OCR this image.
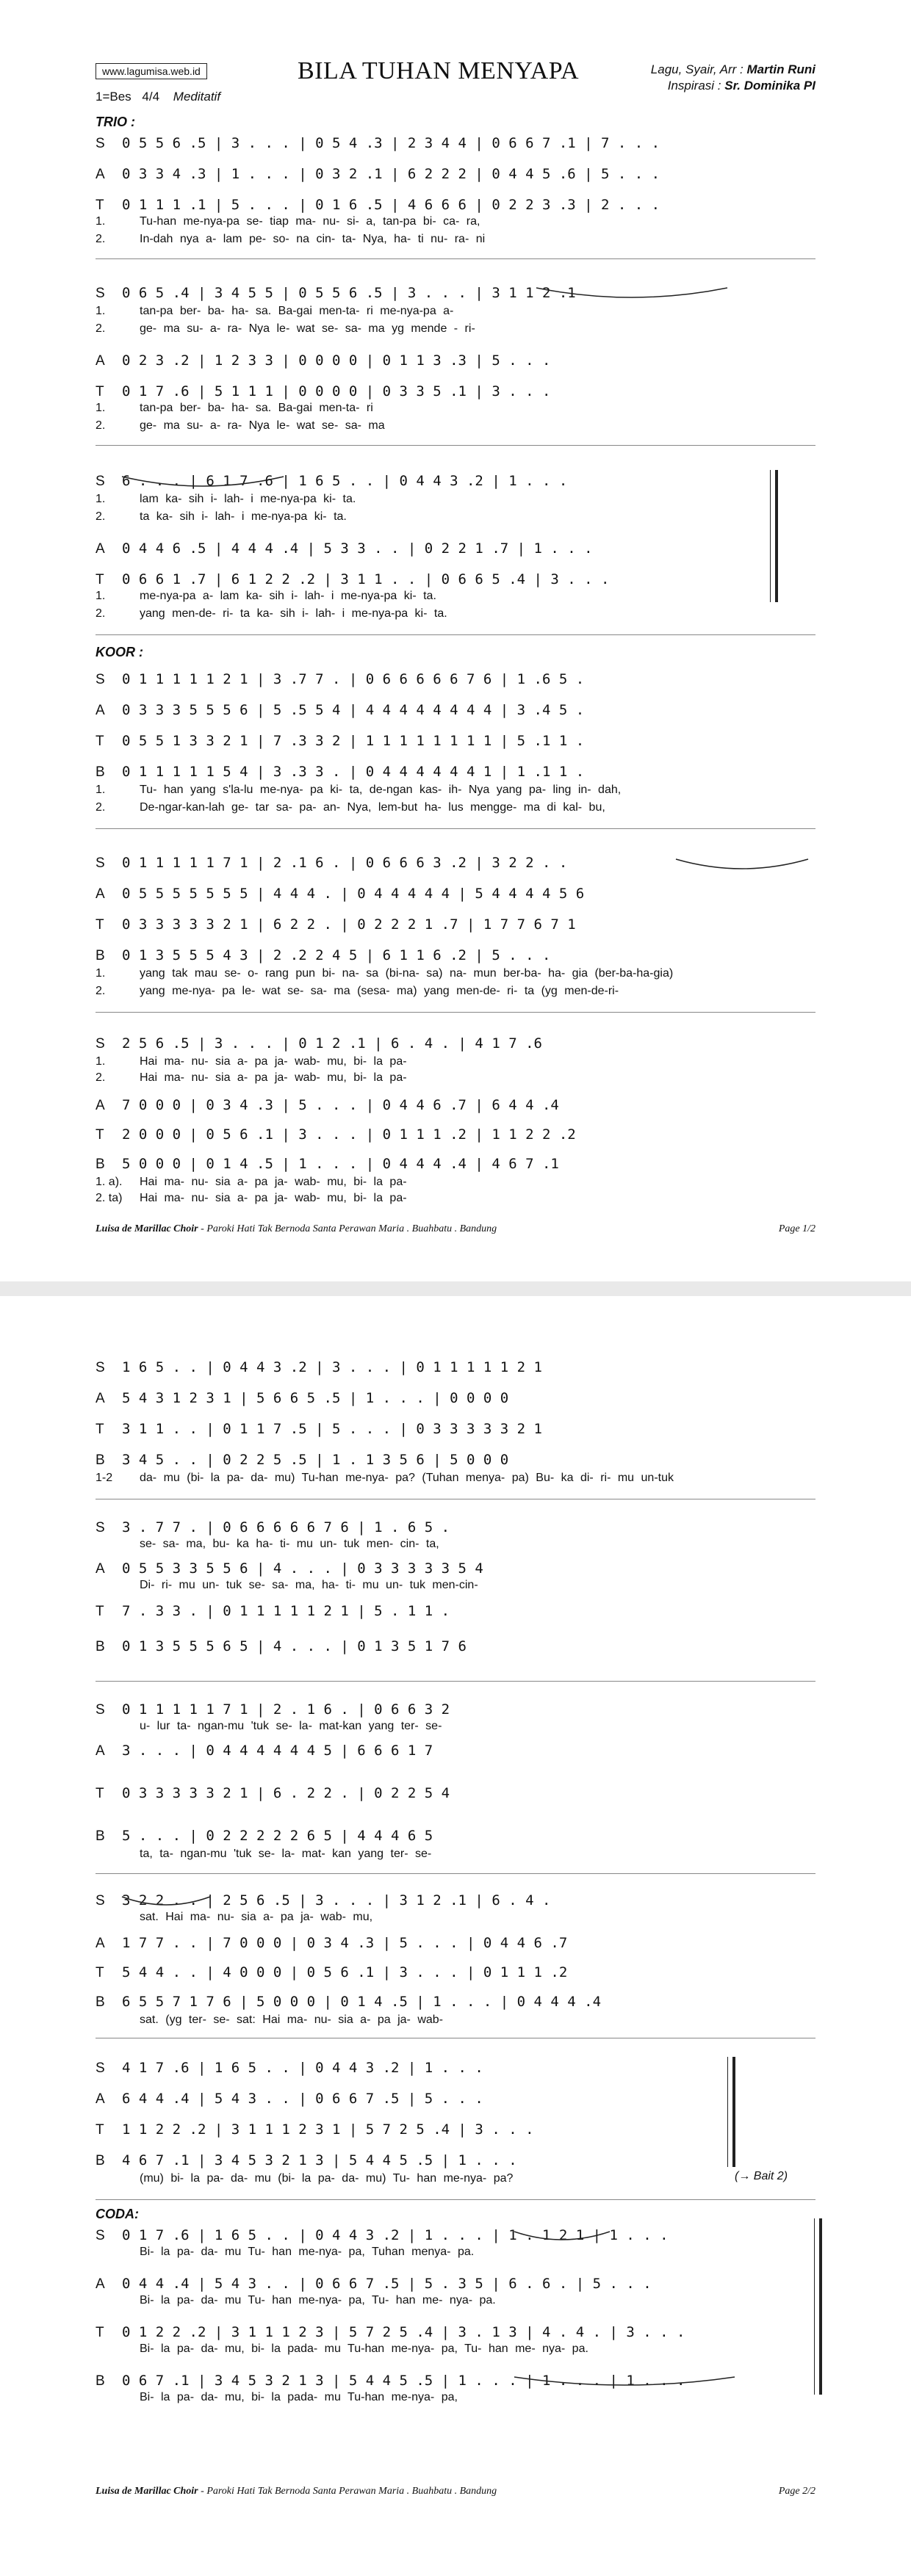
www.lagumisa.web.id
1=Bes 4/4 Meditatif
BILA TUHAN MENYAPA	Lagu, Syair, Arr : Martin Runi
Inspirasi : Sr. Dominika PI
TRIO :
S 0 5 5 6 .5 | 3 . . . | 0 5 4 .3 | 2 3 4 4 | 0 6 6 7 .1 | 7 . . .
A 0 3 3 4 .3 | 1 . . . | 0 3 2 .1 | 6 2 2 2 | 0 4 4 5 .6 | 5 . . .
T 0 1 1 1 .1 | 5 . . . | 0 1 6 .5 | 4 6 6 6 | 0 2 2 3 .3 | 2 . . .
1.	Tu-han me-nya-pa se- tiap ma- nu- si- a, tan-pa bi- ca- ra,
2.	In-dah nya a- lam pe- so- na cin- ta- Nya, ha- ti nu- ra- ni
S 0 6 5 .4 | 3 4 5 5 | 0 5 5 6 .5 | 3 . . . | 3 1 1 2 .1
1.	tan-pa ber- ba- ha- sa. Ba-gai men-ta- ri me-nya-pa a-
2.	ge- ma su- a- ra- Nya le- wat se- sa- ma yg mende - ri-
A 0 2 3 .2 | 1 2 3 3 | 0 0 0 0 | 0 1 1 3 .3 | 5 . . .
T 0 1 7 .6 | 5 1 1 1 | 0 0 0 0 | 0 3 3 5 .1 | 3 . . .
1.	tan-pa ber- ba- ha- sa. Ba-gai men-ta- ri
2.	ge- ma su- a- ra- Nya le- wat se- sa- ma
S 6 . . . | 6 1 7 .6 | 1 6 5 . . | 0 4 4 3 .2 | 1 . . .
1.	lam ka- sih i- lah- i me-nya-pa ki- ta.
2.	ta ka- sih i- lah- i me-nya-pa ki- ta.
A 0 4 4 6 .5 | 4 4 4 .4 | 5 3 3 . . | 0 2 2 1 .7 | 1 . . .
T 0 6 6 1 .7 | 6 1 2 2 .2 | 3 1 1 . . | 0 6 6 5 .4 | 3 . . .
1.	me-nya-pa a- lam ka- sih i- lah- i me-nya-pa ki- ta.
2.	yang men-de- ri- ta ka- sih i- lah- i me-nya-pa ki- ta.
KOOR :
S 0 1 1 1 1 1 2 1 | 3 .7 7 . | 0 6 6 6 6 6 7 6 | 1 .6 5 .
A 0 3 3 3 5 5 5 6 | 5 .5 5 4 | 4 4 4 4 4 4 4 4 | 3 .4 5 .
T 0 5 5 1 3 3 2 1 | 7 .3 3 2 | 1 1 1 1 1 1 1 1 | 5 .1 1 .
B 0 1 1 1 1 1 5 4 | 3 .3 3 . | 0 4 4 4 4 4 4 1 | 1 .1 1 .
1.	Tu- han yang s'la-lu me-nya- pa ki- ta, de-ngan kas- ih- Nya yang pa- ling in- dah,
2.	De-ngar-kan-lah ge- tar sa- pa- an- Nya, lem-but ha- lus mengge- ma di kal- bu,
S 0 1 1 1 1 1 7 1 | 2 .1 6 . | 0 6 6 6 3 .2 | 3 2 2 . .
A 0 5 5 5 5 5 5 5 | 4 4 4 . | 0 4 4 4 4 4 | 5 4 4 4 4 5 6
T 0 3 3 3 3 3 2 1 | 6 2 2 . | 0 2 2 2 1 .7 | 1 7 7 6 7 1
B 0 1 3 5 5 5 4 3 | 2 .2 2 4 5 | 6 1 1 6 .2 | 5 . . .
1.	yang tak mau se- o- rang pun bi- na- sa (bi-na- sa) na- mun ber-ba- ha- gia (ber-ba-ha-gia)
2.	yang me-nya- pa le- wat se- sa- ma (sesa- ma) yang men-de- ri- ta (yg men-de-ri-
S 2 5 6 .5 | 3 . . . | 0 1 2 .1 | 6 . 4 . | 4 1 7 .6
1.	Hai ma- nu- sia a- pa ja- wab- mu, bi- la pa-
2.	Hai ma- nu- sia a- pa ja- wab- mu, bi- la pa-
A 7 0 0 0 | 0 3 4 .3 | 5 . . . | 0 4 4 6 .7 | 6 4 4 .4
T 2 0 0 0 | 0 5 6 .1 | 3 . . . | 0 1 1 1 .2 | 1 1 2 2 .2
B 5 0 0 0 | 0 1 4 .5 | 1 . . . | 0 4 4 4 .4 | 4 6 7 .1
1. a). Hai ma- nu- sia a- pa ja- wab- mu, bi- la pa-
2. ta) Hai ma- nu- sia a- pa ja- wab- mu, bi- la pa-
Luisa de Marillac Choir - Paroki Hati Tak Bernoda Santa Perawan Maria . Buahbatu . Bandung	Page 1/2
S 1 6 5 . . | 0 4 4 3 .2 | 3 . . . | 0 1 1 1 1 1 2 1
A 5 4 3 1 2 3 1 | 5 6 6 5 .5 | 1 . . . | 0 0 0 0
T 3 1 1 . . | 0 1 1 7 .5 | 5 . . . | 0 3 3 3 3 3 2 1
B 3 4 5 . . | 0 2 2 5 .5 | 1 . 1 3 5 6 | 5 0 0 0
1-2 da- mu (bi- la pa- da- mu) Tu-han me-nya- pa? (Tuhan menya- pa) Bu- ka di- ri- mu un-tuk
S 3 . 7 7 . | 0 6 6 6 6 6 7 6 | 1 . 6 5 .
se- sa- ma, bu- ka ha- ti- mu un- tuk men- cin- ta,
A 0 5 5 3 3 5 5 6 | 4 . . . | 0 3 3 3 3 3 5 4
Di- ri- mu un- tuk se- sa- ma, ha- ti- mu un- tuk men-cin-
T 7 . 3 3 . | 0 1 1 1 1 1 2 1 | 5 . 1 1 .
B 0 1 3 5 5 5 6 5 | 4 . . . | 0 1 3 5 1 7 6
S 0 1 1 1 1 1 7 1 | 2 . 1 6 . | 0 6 6 3 2
u- lur ta- ngan-mu 'tuk se- la- mat-kan yang ter- se-
A 3 . . . | 0 4 4 4 4 4 4 5 | 6 6 6 1 7
T 0 3 3 3 3 3 2 1 | 6 . 2 2 . | 0 2 2 5 4
B 5 . . . | 0 2 2 2 2 2 6 5 | 4 4 4 6 5
ta, ta- ngan-mu 'tuk se- la- mat- kan yang ter- se-
S 3 2 2 . . | 2 5 6 .5 | 3 . . . | 3 1 2 .1 | 6 . 4 .
sat. Hai ma- nu- sia a- pa ja- wab- mu,
A 1 7 7 . . | 7 0 0 0 | 0 3 4 .3 | 5 . . . | 0 4 4 6 .7
T 5 4 4 . . | 4 0 0 0 | 0 5 6 .1 | 3 . . . | 0 1 1 1 .2
B 6 5 5 7 1 7 6 | 5 0 0 0 | 0 1 4 .5 | 1 . . . | 0 4 4 4 .4
sat. (yg ter- se- sat: Hai ma- nu- sia a- pa ja- wab-
S 4 1 7 .6 | 1 6 5 . . | 0 4 4 3 .2 | 1 . . .
A 6 4 4 .4 | 5 4 3 . . | 0 6 6 7 .5 | 5 . . .
T 1 1 2 2 .2 | 3 1 1 1 2 3 1 | 5 7 2 5 .4 | 3 . . .
B 4 6 7 .1 | 3 4 5 3 2 1 3 | 5 4 4 5 .5 | 1 . . .
(mu) bi- la pa- da- mu (bi- la pa- da- mu) Tu- han me-nya- pa?	(→ Bait 2)
CODA:
S 0 1 7 .6 | 1 6 5 . . | 0 4 4 3 .2 | 1 . . . | 1 . 1 2 1 | 1 . . .
Bi- la pa- da- mu Tu- han me-nya- pa, Tuhan menya- pa.
A 0 4 4 .4 | 5 4 3 . . | 0 6 6 7 .5 | 5 . 3 5 | 6 . 6 . | 5 . . .
Bi- la pa- da- mu Tu- han me-nya- pa, Tu- han me- nya- pa.
T 0 1 2 2 .2 | 3 1 1 1 2 3 | 5 7 2 5 .4 | 3 . 1 3 | 4 . 4 . | 3 . . .
Bi- la pa- da- mu, bi- la pada- mu Tu-han me-nya- pa, Tu- han me- nya- pa.
B 0 6 7 .1 | 3 4 5 3 2 1 3 | 5 4 4 5 .5 | 1 . . . | 1 . . . | 1 . . .
Bi- la pa- da- mu, bi- la pada- mu Tu-han me-nya- pa,
Luisa de Marillac Choir - Paroki Hati Tak Bernoda Santa Perawan Maria . Buahbatu . Bandung	Page 2/2
